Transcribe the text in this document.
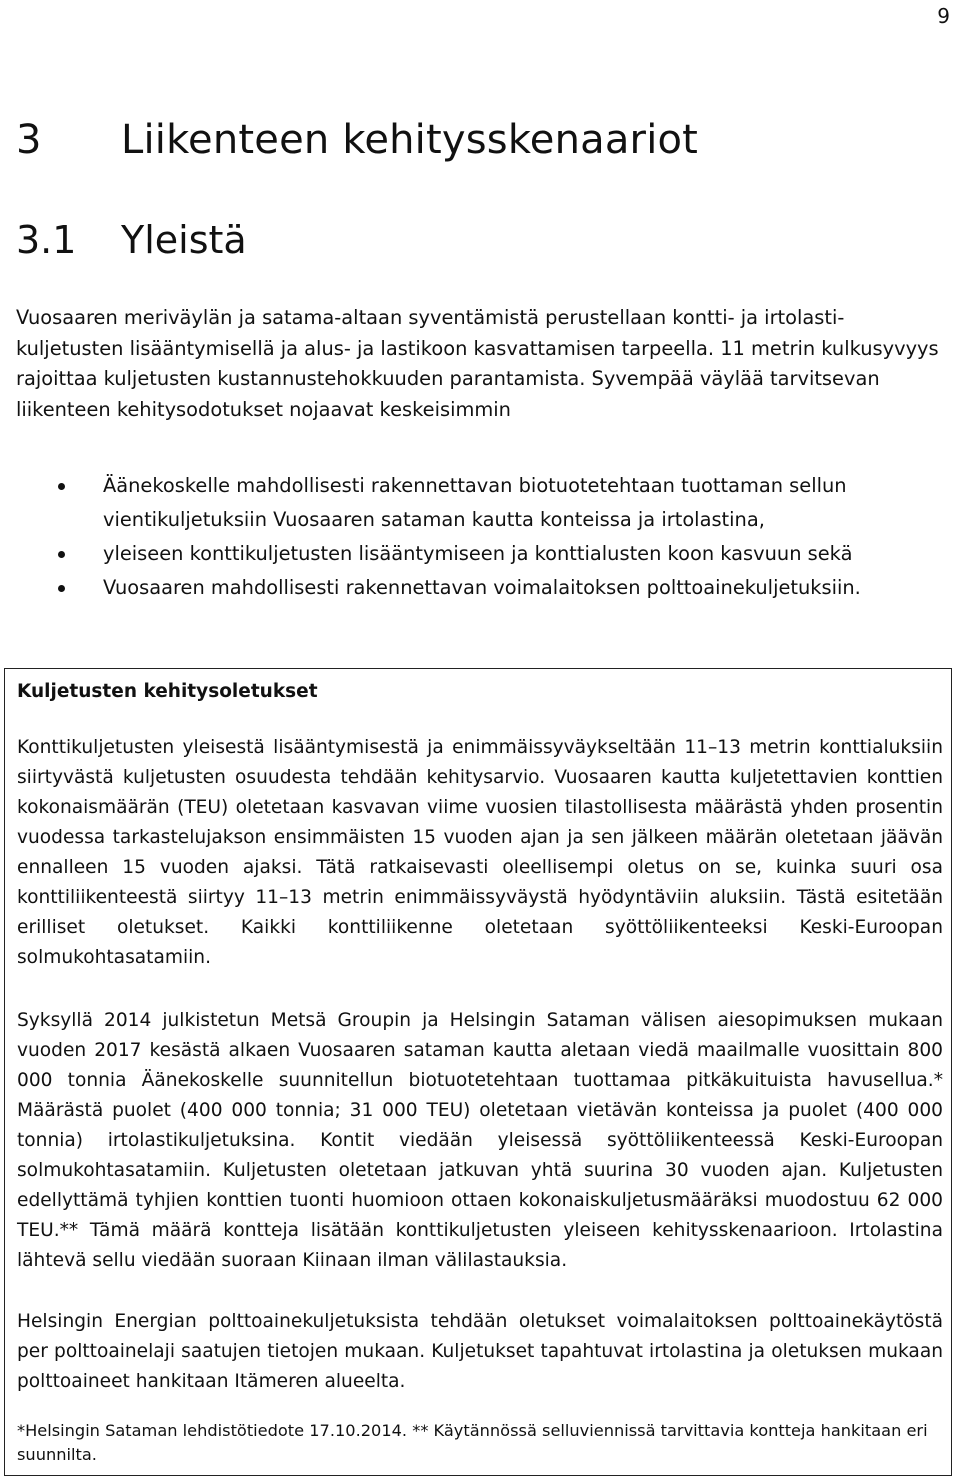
9
3 Liikenteen kehitysskenaariot
3.1 Yleistä

Vuosaaren meriväylän ja satama-altaan syventämistä perustellaan kontti- ja irtolastikuljetusten lisääntymisellä ja alus- ja lastikoon kasvattamisen tarpeella. 11 metrin kulkusyvyys rajoittaa kuljetusten kustannustehokkuuden parantamista. Syvempää väylää tarvitsevan liikenteen kehitysodotukset nojaavat keskeisimmin

Äänekoskelle mahdollisesti rakennettavan biotuotetehtaan tuottaman sellun vientikuljetuksiin Vuosaaren sataman kautta konteissa ja irtolastina,
yleiseen konttikuljetusten lisääntymiseen ja konttialusten koon kasvuun sekä
Vuosaaren mahdollisesti rakennettavan voimalaitoksen polttoainekuljetuksiin.

Kuljetusten kehitysoletukset

Konttikuljetusten yleisestä lisääntymisestä ja enimmäissyväykseltään 11–13 metrin konttialuksiin siirtyvästä kuljetusten osuudesta tehdään kehitysarvio. Vuosaaren kautta kuljetettavien konttien kokonaismäärän (TEU) oletetaan kasvavan viime vuosien tilastollisesta määrästä yhden prosentin vuodessa tarkastelujakson ensimmäisten 15 vuoden ajan ja sen jälkeen määrän oletetaan jäävän ennalleen 15 vuoden ajaksi. Tätä ratkaisevasti oleellisempi oletus on se, kuinka suuri osa konttiliikenteestä siirtyy 11–13 metrin enimmäissyväystä hyödyntäviin aluksiin. Tästä esitetään erilliset oletukset. Kaikki konttiliikenne oletetaan syöttöliikenteeksi Keski-Euroopan solmukohtasatamiin.

Syksyllä 2014 julkistetun Metsä Groupin ja Helsingin Sataman välisen aiesopimuksen mukaan vuoden 2017 kesästä alkaen Vuosaaren sataman kautta aletaan viedä maailmalle vuosittain 800 000 tonnia Äänekoskelle suunnitellun biotuotetehtaan tuottamaa pitkäkuituista havusellua.* Määrästä puolet (400 000 tonnia; 31 000 TEU) oletetaan vietävän konteissa ja puolet (400 000 tonnia) irtolastikuljetuksina. Kontit viedään yleisessä syöttöliikenteessä Keski-Euroopan solmukohtasatamiin. Kuljetusten oletetaan jatkuvan yhtä suurina 30 vuoden ajan. Kuljetusten edellyttämä tyhjien konttien tuonti huomioon ottaen kokonaiskuljetusmääräksi muodostuu 62 000 TEU.** Tämä määrä kontteja lisätään konttikuljetusten yleiseen kehitysskenaarioon. Irtolastina lähtevä sellu viedään suoraan Kiinaan ilman välilastauksia.

Helsingin Energian polttoainekuljetuksista tehdään oletukset voimalaitoksen polttoainekäytöstä per polttoainelaji saatujen tietojen mukaan. Kuljetukset tapahtuvat irtolastina ja oletuksen mukaan polttoaineet hankitaan Itämeren alueelta.

*Helsingin Sataman lehdistötiedote 17.10.2014. ** Käytännössä selluviennissä tarvittavia kontteja hankitaan eri suunnilta.
